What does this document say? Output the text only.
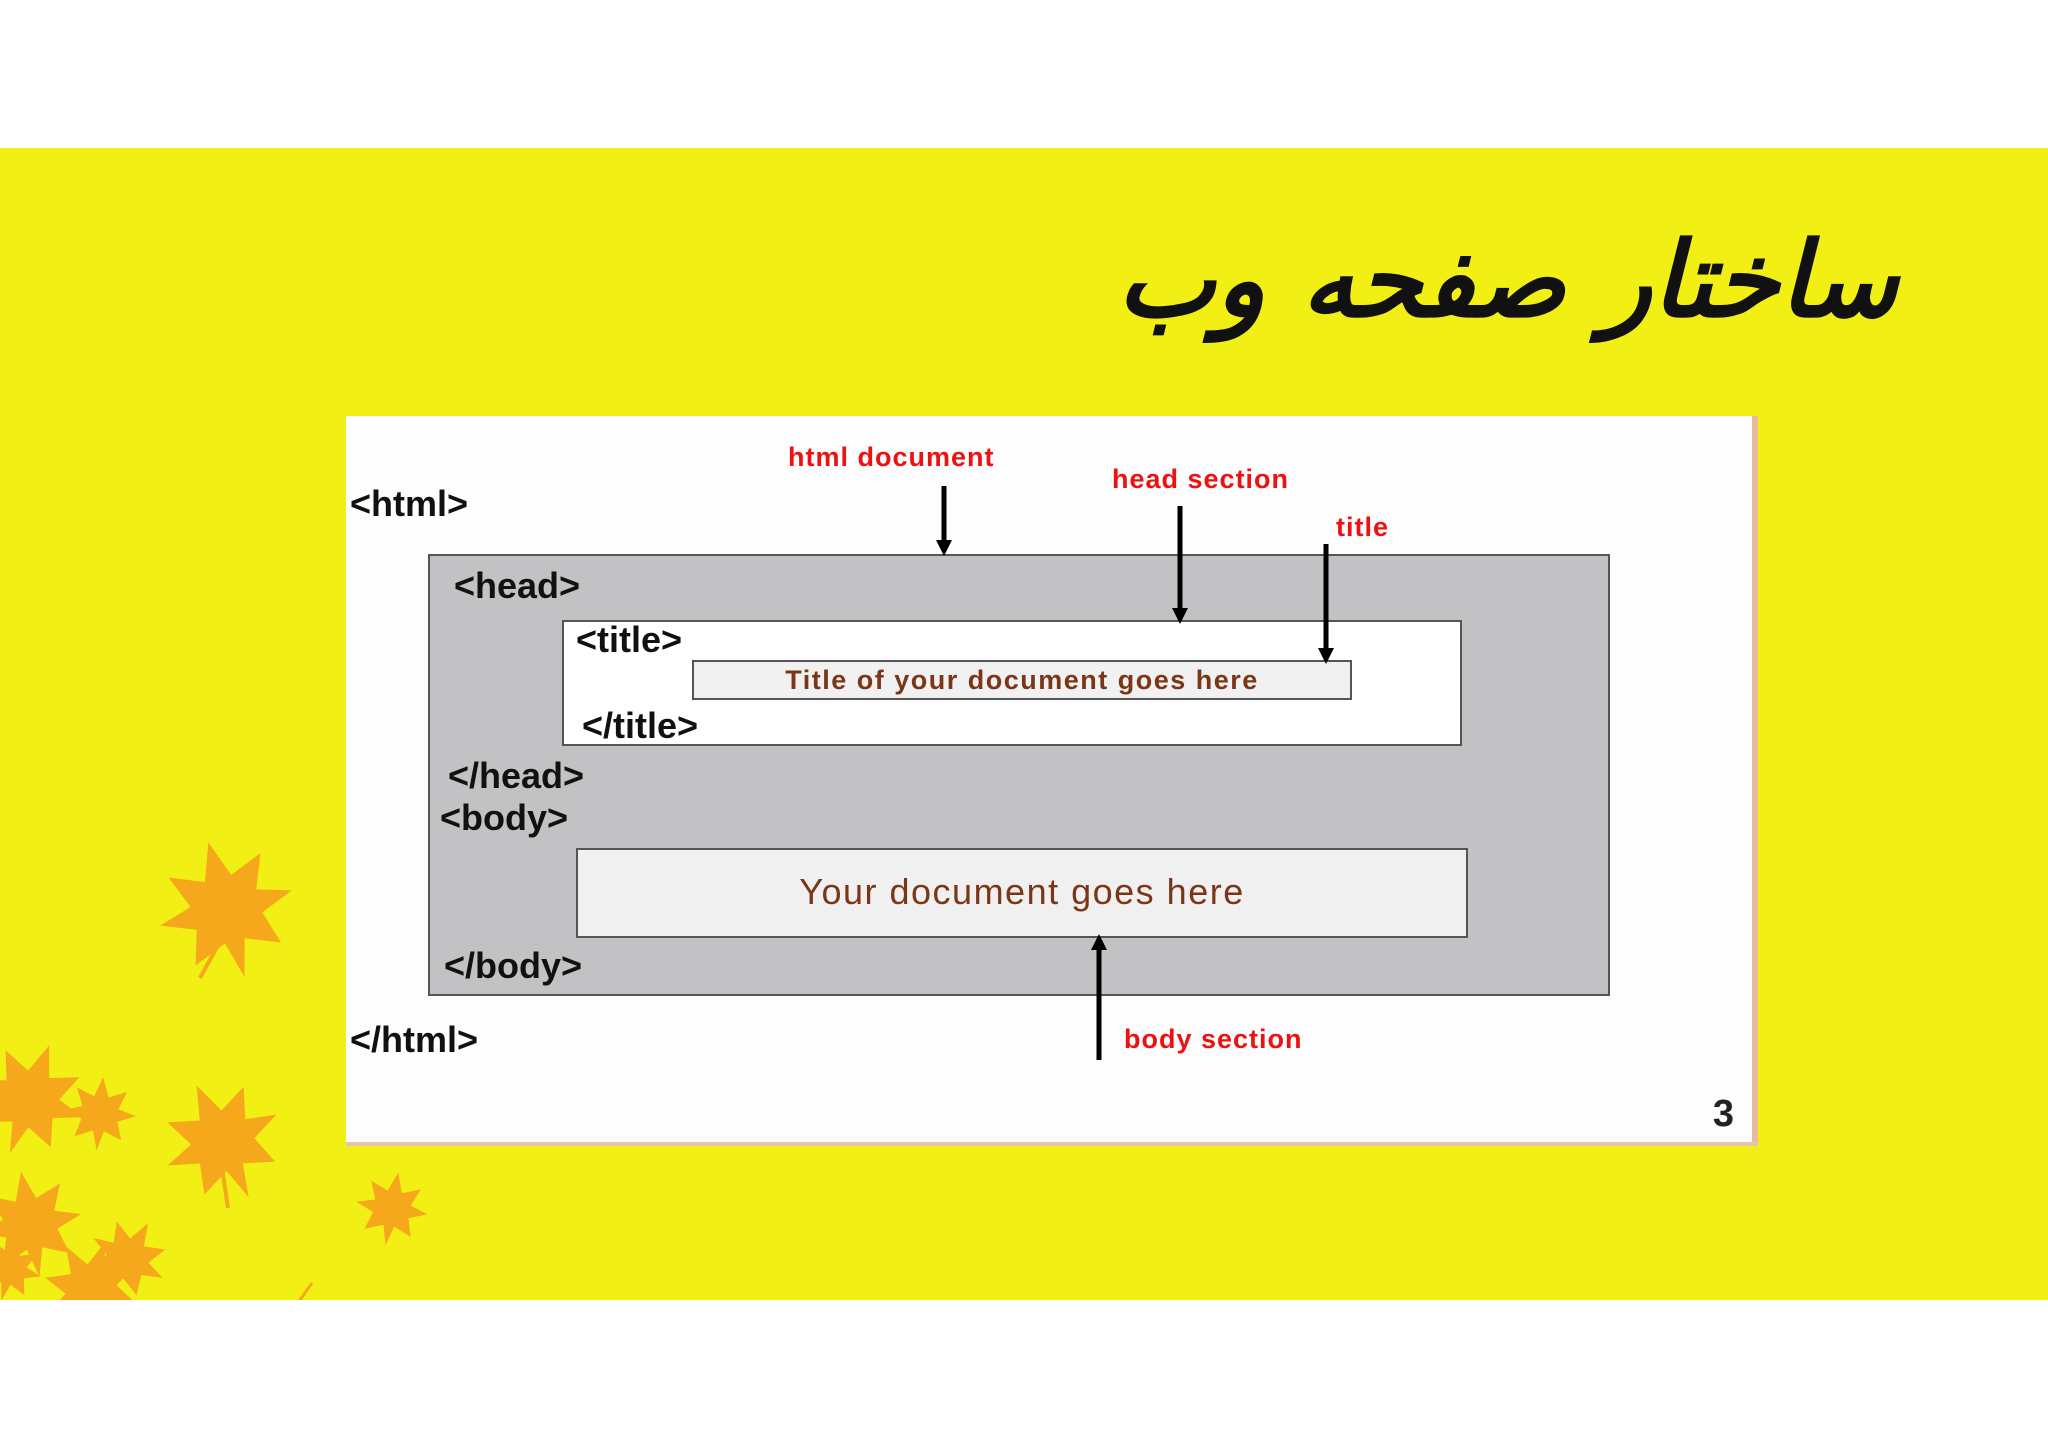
ساختار صفحه وب
Title of your document goes here
Your document goes here
<html>
<head>
<title>
</title>
</head>
<body>
</body>
</html>
html document
head section
title
body section
3
